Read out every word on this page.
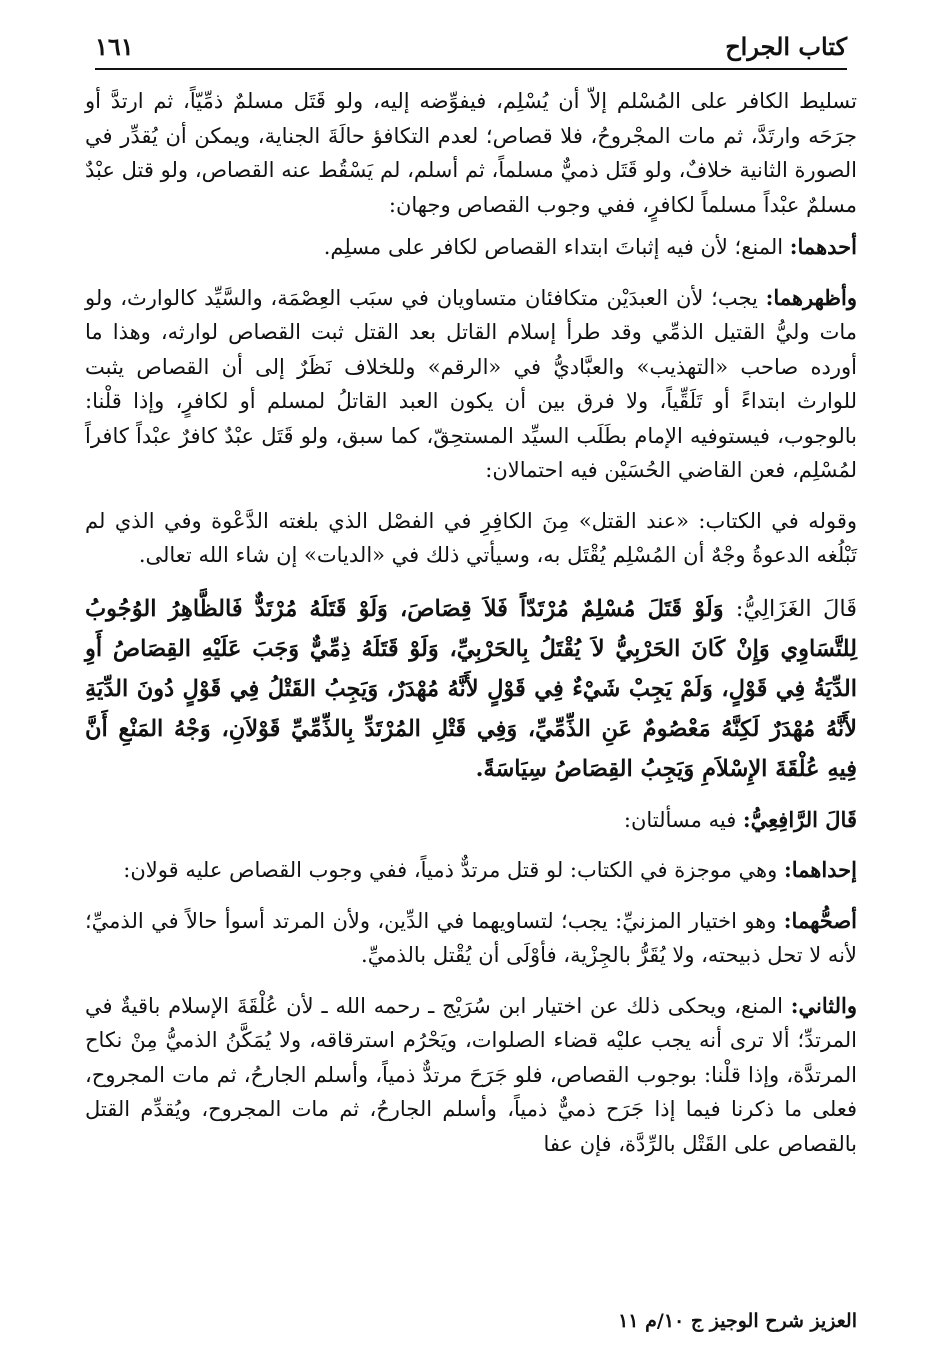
كتاب الجراح
١٦١

تسليط الكافر على المُسْلم إلاّ أن يُسْلِم، فيفوِّضه إليه، ولو قَتَل مسلمٌ ذمِّيّاً، ثم ارتدَّ أو جرَحَه وارتَدَّ، ثم مات المجْروحُ، فلا قصاص؛ لعدم التكافؤ حالَةَ الجناية، ويمكن أن يُقدِّر في الصورة الثانية خلافٌ، ولو قَتَل ذميٌّ مسلماً، ثم أسلم، لم يَسْقُط عنه القصاص، ولو قتل عبْدٌ مسلمٌ عبْداً مسلماً لكافرٍ، ففي وجوب القصاص وجهان:

أحدهما: المنع؛ لأن فيه إثباتَ ابتداء القصاص لكافر على مسلِم.

وأظهرهما: يجب؛ لأن العبدَيْن متكافئان متساويان في سبَب العِصْمَة، والسَّيِّد كالوارث، ولو مات وليُّ القتيل الذمِّي وقد طرأ إسلام القاتل بعد القتل ثبت القصاص لوارثه، وهذا ما أورده صاحب «التهذيب» والعبَّاديُّ في «الرقم» وللخلاف نَظَرٌ إلى أن القصاص يثبت للوارث ابتداءً أو تَلَقِّياً، ولا فرق بين أن يكون العبد القاتلُ لمسلم أو لكافرٍ، وإذا قلْنا: بالوجوب، فيستوفيه الإمام بطَلَب السيِّد المستحِقّ، كما سبق، ولو قَتَل عبْدٌ كافرٌ عبْداً كافراً لمُسْلِم، فعن القاضي الحُسَيْن فيه احتمالان:

وقوله في الكتاب: «عند القتل» مِنَ الكافِرِ في الفصْل الذي بلغته الدَّعْوة وفي الذي لم تَبْلُغه الدعوةُ وجْهٌ أن المُسْلِم يُقْتَل به، وسيأتي ذلك في «الديات» إن شاء الله تعالى.

قَالَ الغَزَالِيُّ: وَلَوْ قَتَلَ مُسْلِمٌ مُرْتَدّاً فَلاَ قِصَاصَ، وَلَوْ قَتَلَهُ مُرْتَدٌّ فَالظَّاهِرُ الوُجُوبُ لِلتَّسَاوِي وَإِنْ كَانَ الحَرْبِيُّ لاَ يُقْتَلُ بِالحَرْبِيِّ، وَلَوْ قَتَلَهُ ذِمِّيٌّ وَجَبَ عَلَيْهِ القِصَاصُ أَوِ الدِّيَةُ فِي قَوْلٍ، وَلَمْ يَجِبْ شَيْءٌ فِي قَوْلٍ لأَنَّهُ مُهْدَرٌ، وَيَجِبُ القَتْلُ فِي قَوْلٍ دُونَ الدِّيَةِ لأَنَّهُ مُهْدَرٌ لَكِنَّهُ مَعْصُومٌ عَنِ الذِّمِّيِّ، وَفِي قَتْلِ المُرْتَدِّ بِالذِّمِّيِّ قَوْلاَنِ، وَجْهُ المَنْعِ أَنَّ فِيهِ عُلْقَةَ الإِسْلاَمِ وَيَجِبُ القِصَاصُ سِيَاسَةً.

قَالَ الرَّافِعِيُّ: فيه مسألتان:

إحداهما: وهي موجزة في الكتاب: لو قتل مرتدٌّ ذمياً، ففي وجوب القصاص عليه قولان:

أصحُّهما: وهو اختيار المزنيِّ: يجب؛ لتساويهما في الدِّين، ولأن المرتد أسوأ حالاً في الذميِّ؛ لأنه لا تحل ذبيحته، ولا يُقَرُّ بالجِزْية، فأوْلَى أن يُقْتل بالذميِّ.

والثاني: المنع، ويحكى ذلك عن اختيار ابن سُرَيْج ـ رحمه الله ـ لأن عُلْقَةَ الإسلام باقيةٌ في المرتدِّ؛ ألا ترى أنه يجب عليْه قضاء الصلوات، ويَحْرُم استرقاقه، ولا يُمَكَّنُ الذميُّ مِنْ نكاح المرتدَّة، وإذا قلْنا: بوجوب القصاص، فلو جَرَحَ مرتدٌّ ذمياً، وأسلم الجارحُ، ثم مات المجروح، فعلى ما ذكرنا فيما إذا جَرَح ذميٌّ ذمياً، وأسلم الجارحُ، ثم مات المجروح، ويُقدِّم القتل بالقصاص على القَتْل بالرِّدَّة، فإن عفا

العزيز شرح الوجيز ج ١٠/م ١١
